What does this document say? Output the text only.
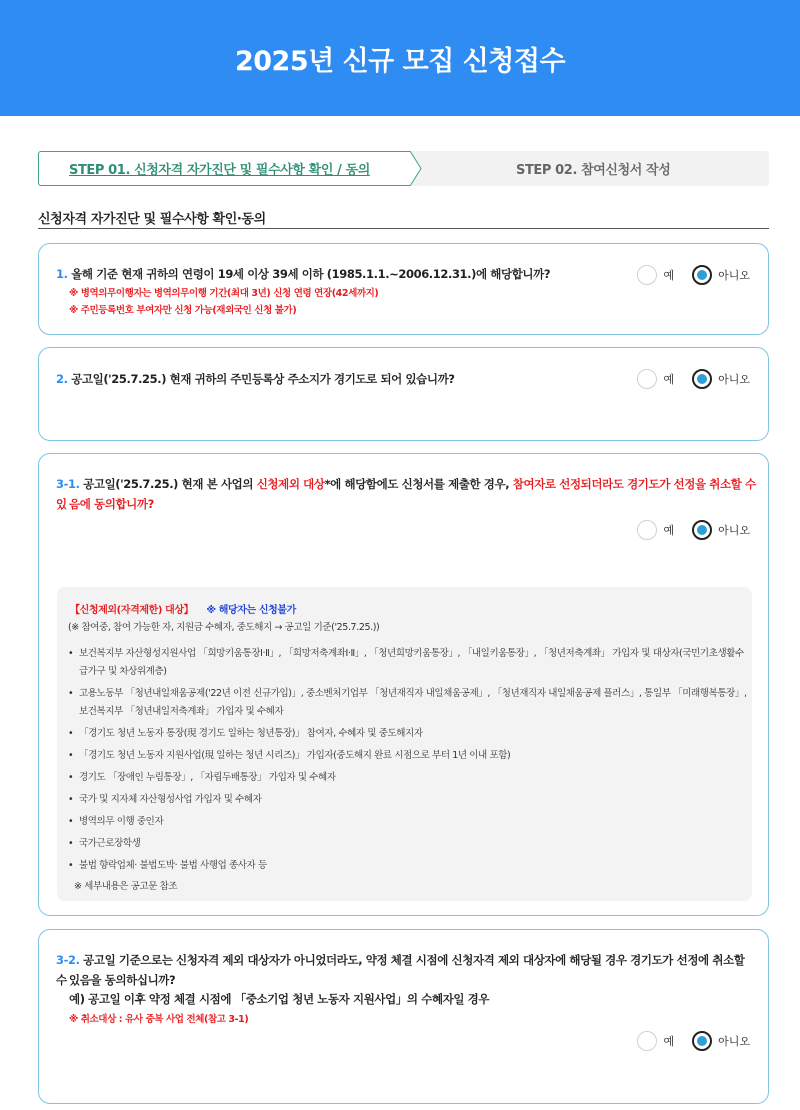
2025년 신규 모집 신청접수
STEP 01. 신청자격 자가진단 및 필수사항 확인 / 동의	STEP 02. 참여신청서 작성
신청자격 자가진단 및 필수사항 확인·동의
1. 올해 기준 현재 귀하의 연령이 19세 이상 39세 이하 (1985.1.1.~2006.12.31.)에 해당합니까?
※ 병역의무이행자는 병역의무이행 기간(최대 3년) 신청 연령 연장(42세까지)
※ 주민등록번호 부여자만 신청 가능(재외국인 신청 불가)
예	아니오
2. 공고일('25.7.25.) 현재 귀하의 주민등록상 주소지가 경기도로 되어 있습니까?	예	아니오
3-1. 공고일('25.7.25.) 현재 본 사업의 신청제외 대상*에 해당함에도 신청서를 제출한 경우, 참여자로 선정되더라도 경기도가 선정을 취소할 수 있 음에 동의합니까?
예	아니오
【신청제외(자격제한) 대상】 ※ 해당자는 신청불가
(※ 참여중, 참여 가능한 자, 지원금 수혜자, 중도해지 → 공고일 기준('25.7.25.))
• 보건복지부 자산형성지원사업 「희망키움통장Ⅰ·Ⅱ」, 「희망저축계좌Ⅰ·Ⅱ」, 「청년희망키움통장」, 「내일키움통장」, 「청년저축계좌」 가입자 및 대상자(국민기초생활수급가구 및 차상위계층)
• 고용노동부 「청년내일채움공제('22년 이전 신규가입)」, 중소벤처기업부 「청년재직자 내일채움공제」, 「청년재직자 내일채움공제 플러스」, 통일부 「미래행복통장」, 보건복지부 「청년내일저축계좌」 가입자 및 수혜자
• 「경기도 청년 노동자 통장(現 경기도 일하는 청년통장)」 참여자, 수혜자 및 중도해지자
• 「경기도 청년 노동자 지원사업(現 일하는 청년 시리즈)」 가입자(중도해지 완료 시점으로 부터 1년 이내 포함)
• 경기도 「장애인 누림통장」, 「자립두배통장」 가입자 및 수혜자
• 국가 및 지자체 자산형성사업 가입자 및 수혜자
• 병역의무 이행 중인자
• 국가근로장학생
• 불법 향락업체· 불법도박· 불법 사행업 종사자 등
※ 세부내용은 공고문 참조
3-2. 공고일 기준으로는 신청자격 제외 대상자가 아니었더라도, 약정 체결 시점에 신청자격 제외 대상자에 해당될 경우 경기도가 선정에 취소할 수 있음을 동의하십니까?
예) 공고일 이후 약정 체결 시점에 「중소기업 청년 노동자 지원사업」의 수혜자일 경우
※ 취소대상 : 유사 중복 사업 전체(참고 3-1)
예	아니오
